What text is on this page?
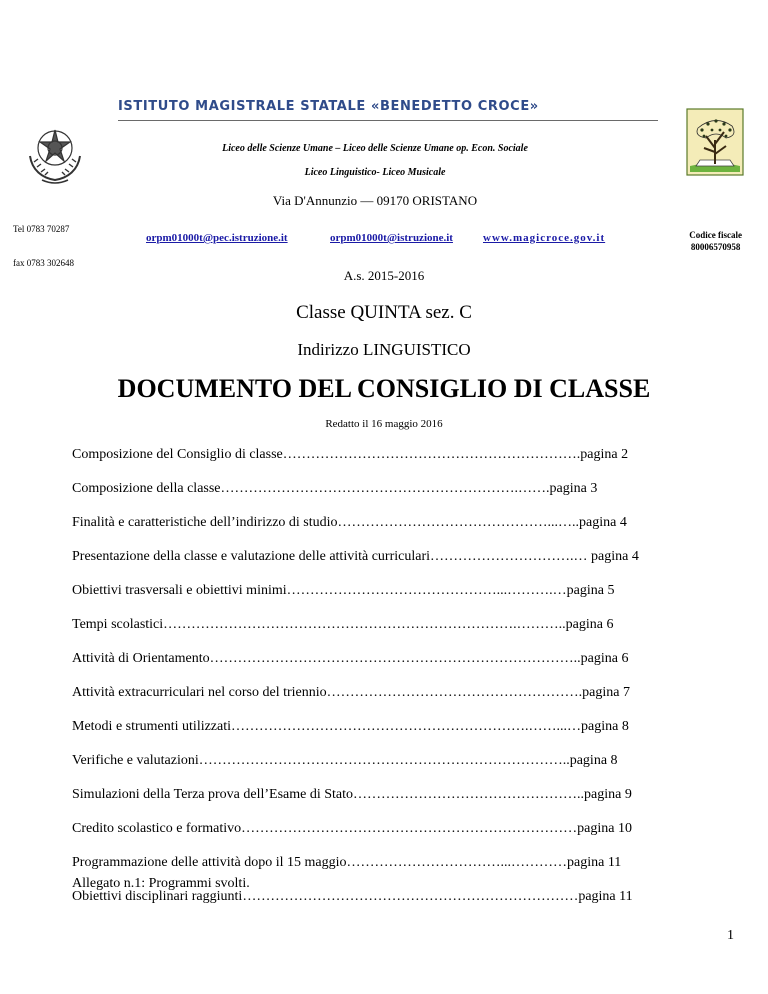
ISTITUTO MAGISTRALE STATALE «BENEDETTO CROCE»
Liceo delle Scienze Umane – Liceo delle Scienze Umane op. Econ. Sociale
Liceo Linguistico- Liceo Musicale
Via D'Annunzio — 09170 ORISTANO
Tel 0783 70287
fax 0783 302648
orpm01000t@pec.istruzione.it	orpm01000t@istruzione.it	www.magicroce.gov.it	Codice fiscale
80006570958
A.s. 2015-2016
Classe QUINTA sez. C
Indirizzo LINGUISTICO
DOCUMENTO DEL CONSIGLIO DI CLASSE
Redatto il 16 maggio 2016
Composizione del Consiglio di classe……………………………………………………….pagina 2
Composizione della classe……………………………………………………….…….pagina 3
Finalità e caratteristiche dell’indirizzo di studio………………………………………...…..pagina 4
Presentazione della classe e valutazione delle attività curriculari………………………….… pagina 4
Obiettivi trasversali e obiettivi minimi………………………………………...……….…pagina 5
Tempi scolastici………………………………………………………………….………..pagina 6
Attività di Orientamento……………………………………………………………………..pagina 6
Attività extracurriculari nel corso del triennio……………………………………………….pagina 7
Metodi e strumenti utilizzati……………………………………………………….……...…pagina 8
Verifiche e valutazioni……………………………………………………………………..pagina 8
Simulazioni della Terza prova dell’Esame di Stato…………………………………………..pagina 9
Credito scolastico e formativo………………………………………………………………pagina 10
Programmazione delle attività dopo il 15 maggio……………………………...…………pagina 11
Obiettivi disciplinari raggiunti………………………………………………………………pagina 11
Allegato n.1: Programmi svolti.
1
